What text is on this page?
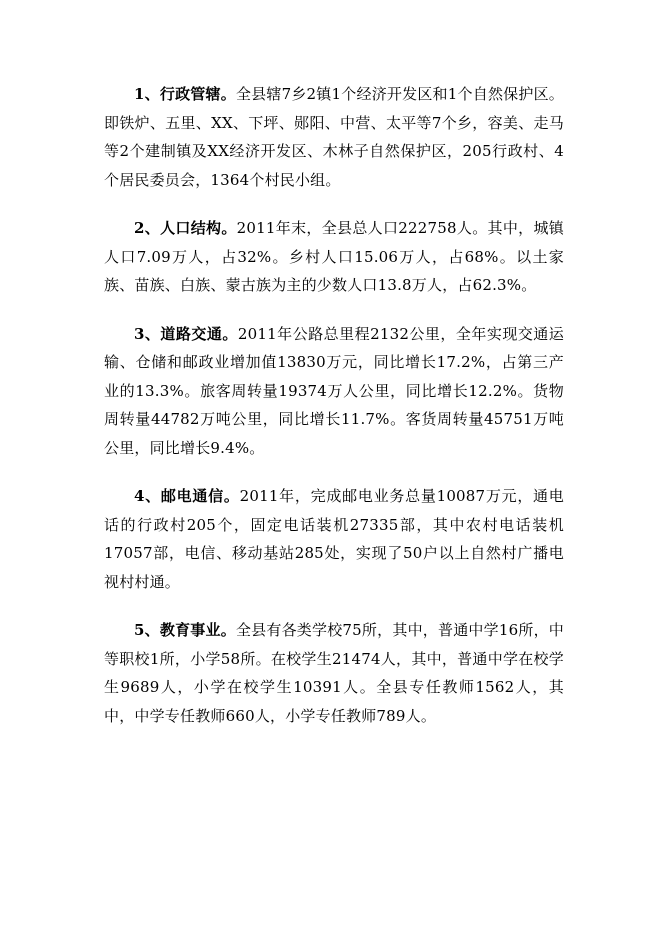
1、行政管辖。全县辖7乡2镇1个经济开发区和1个自然保护区。即铁炉、五里、XX、下坪、郧阳、中营、太平等7个乡，容美、走马等2个建制镇及XX经济开发区、木林子自然保护区，205行政村、4个居民委员会，1364个村民小组。

2、人口结构。2011年末，全县总人口222758人。其中，城镇人口7.09万人，占32%。乡村人口15.06万人，占68%。以土家族、苗族、白族、蒙古族为主的少数人口13.8万人，占62.3%。

3、道路交通。2011年公路总里程2132公里，全年实现交通运输、仓储和邮政业增加值13830万元，同比增长17.2%，占第三产业的13.3%。旅客周转量19374万人公里，同比增长12.2%。货物周转量44782万吨公里，同比增长11.7%。客货周转量45751万吨公里，同比增长9.4%。

4、邮电通信。2011年，完成邮电业务总量10087万元，通电话的行政村205个，固定电话装机27335部，其中农村电话装机17057部，电信、移动基站285处，实现了50户以上自然村广播电视村村通。

5、教育事业。全县有各类学校75所，其中，普通中学16所，中等职校1所，小学58所。在校学生21474人，其中，普通中学在校学生9689人，小学在校学生10391人。全县专任教师1562人，其中，中学专任教师660人，小学专任教师789人。
